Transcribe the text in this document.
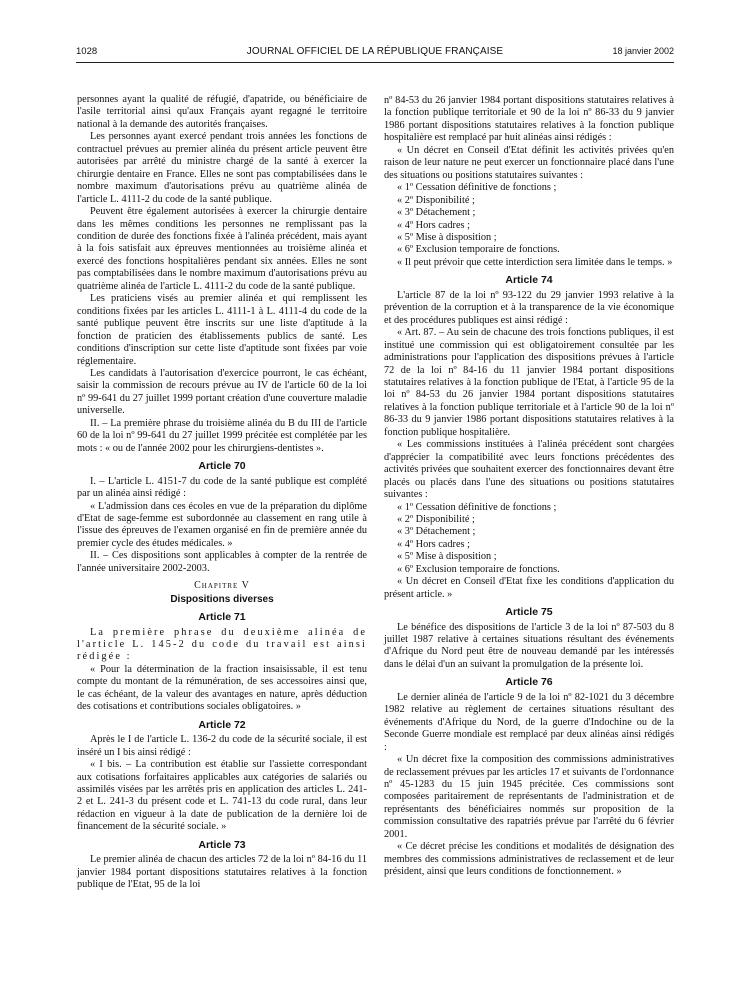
1028	JOURNAL OFFICIEL DE LA RÉPUBLIQUE FRANÇAISE	18 janvier 2002

personnes ayant la qualité de réfugié, d'apatride, ou bénéficiaire de l'asile territorial ainsi qu'aux Français ayant regagné le territoire national à la demande des autorités françaises.

Les personnes ayant exercé pendant trois années les fonctions de contractuel prévues au premier alinéa du présent article peuvent être autorisées par arrêté du ministre chargé de la santé à exercer la chirurgie dentaire en France. Elles ne sont pas comptabilisées dans le nombre maximum d'autorisations prévu au quatrième alinéa de l'article L. 4111-2 du code de la santé publique.

Peuvent être également autorisées à exercer la chirurgie dentaire dans les mêmes conditions les personnes ne remplissant pas la condition de durée des fonctions fixée à l'alinéa précédent, mais ayant à la fois satisfait aux épreuves mentionnées au troisième alinéa et exercé des fonctions hospitalières pendant six années. Elles ne sont pas comptabilisées dans le nombre maximum d'autorisations prévu au quatrième alinéa de l'article L. 4111-2 du code de la santé publique.

Les praticiens visés au premier alinéa et qui remplissent les conditions fixées par les articles L. 4111-1 à L. 4111-4 du code de la santé publique peuvent être inscrits sur une liste d'aptitude à la fonction de praticien des établissements publics de santé. Les conditions d'inscription sur cette liste d'aptitude sont fixées par voie réglementaire.

Les candidats à l'autorisation d'exercice pourront, le cas échéant, saisir la commission de recours prévue au IV de l'article 60 de la loi nº 99-641 du 27 juillet 1999 portant création d'une couverture maladie universelle.

II. – La première phrase du troisième alinéa du B du III de l'article 60 de la loi nº 99-641 du 27 juillet 1999 précitée est complétée par les mots : « ou de l'année 2002 pour les chirurgiens-dentistes ».

Article 70

I. – L'article L. 4151-7 du code de la santé publique est complété par un alinéa ainsi rédigé :

« L'admission dans ces écoles en vue de la préparation du diplôme d'Etat de sage-femme est subordonnée au classement en rang utile à l'issue des épreuves de l'examen organisé en fin de première année du premier cycle des études médicales. »

II. – Ces dispositions sont applicables à compter de la rentrée de l'année universitaire 2002-2003.

Chapitre V
Dispositions diverses
Article 71

La première phrase du deuxième alinéa de l'article L. 145-2 du code du travail est ainsi rédigée :

« Pour la détermination de la fraction insaisissable, il est tenu compte du montant de la rémunération, de ses accessoires ainsi que, le cas échéant, de la valeur des avantages en nature, après déduction des cotisations et contributions sociales obligatoires. »

Article 72

Après le I de l'article L. 136-2 du code de la sécurité sociale, il est inséré un I bis ainsi rédigé :

« I bis. – La contribution est établie sur l'assiette correspondant aux cotisations forfaitaires applicables aux catégories de salariés ou assimilés visées par les arrêtés pris en application des articles L. 241-2 et L. 241-3 du présent code et L. 741-13 du code rural, dans leur rédaction en vigueur à la date de publication de la dernière loi de financement de la sécurité sociale. »

Article 73

Le premier alinéa de chacun des articles 72 de la loi nº 84-16 du 11 janvier 1984 portant dispositions statutaires relatives à la fonction publique de l'Etat, 95 de la loi

nº 84-53 du 26 janvier 1984 portant dispositions statutaires relatives à la fonction publique territoriale et 90 de la loi nº 86-33 du 9 janvier 1986 portant dispositions statutaires relatives à la fonction publique hospitalière est remplacé par huit alinéas ainsi rédigés :

« Un décret en Conseil d'Etat définit les activités privées qu'en raison de leur nature ne peut exercer un fonctionnaire placé dans l'une des situations ou positions statutaires suivantes :

« 1º Cessation définitive de fonctions ;

« 2º Disponibilité ;

« 3º Détachement ;

« 4º Hors cadres ;

« 5º Mise à disposition ;

« 6º Exclusion temporaire de fonctions.

« Il peut prévoir que cette interdiction sera limitée dans le temps. »

Article 74

L'article 87 de la loi nº 93-122 du 29 janvier 1993 relative à la prévention de la corruption et à la transparence de la vie économique et des procédures publiques est ainsi rédigé :

« Art. 87. – Au sein de chacune des trois fonctions publiques, il est institué une commission qui est obligatoirement consultée par les administrations pour l'application des dispositions prévues à l'article 72 de la loi nº 84-16 du 11 janvier 1984 portant dispositions statutaires relatives à la fonction publique de l'Etat, à l'article 95 de la loi nº 84-53 du 26 janvier 1984 portant dispositions statutaires relatives à la fonction publique territoriale et à l'article 90 de la loi nº 86-33 du 9 janvier 1986 portant dispositions statutaires relatives à la fonction publique hospitalière.

« Les commissions instituées à l'alinéa précédent sont chargées d'apprécier la compatibilité avec leurs fonctions précédentes des activités privées que souhaitent exercer des fonctionnaires devant être placés ou placés dans l'une des situations ou positions statutaires suivantes :

« 1º Cessation définitive de fonctions ;

« 2º Disponibilité ;

« 3º Détachement ;

« 4º Hors cadres ;

« 5º Mise à disposition ;

« 6º Exclusion temporaire de fonctions.

« Un décret en Conseil d'Etat fixe les conditions d'application du présent article. »

Article 75

Le bénéfice des dispositions de l'article 3 de la loi nº 87-503 du 8 juillet 1987 relative à certaines situations résultant des événements d'Afrique du Nord peut être de nouveau demandé par les intéressés dans le délai d'un an suivant la promulgation de la présente loi.

Article 76

Le dernier alinéa de l'article 9 de la loi nº 82-1021 du 3 décembre 1982 relative au règlement de certaines situations résultant des événements d'Afrique du Nord, de la guerre d'Indochine ou de la Seconde Guerre mondiale est remplacé par deux alinéas ainsi rédigés :

« Un décret fixe la composition des commissions administratives de reclassement prévues par les articles 17 et suivants de l'ordonnance nº 45-1283 du 15 juin 1945 précitée. Ces commissions sont composées paritairement de représentants de l'administration et de représentants des bénéficiaires nommés sur proposition de la commission consultative des rapatriés prévue par l'arrêté du 6 février 2001.

« Ce décret précise les conditions et modalités de désignation des membres des commissions administratives de reclassement et de leur président, ainsi que leurs conditions de fonctionnement. »
